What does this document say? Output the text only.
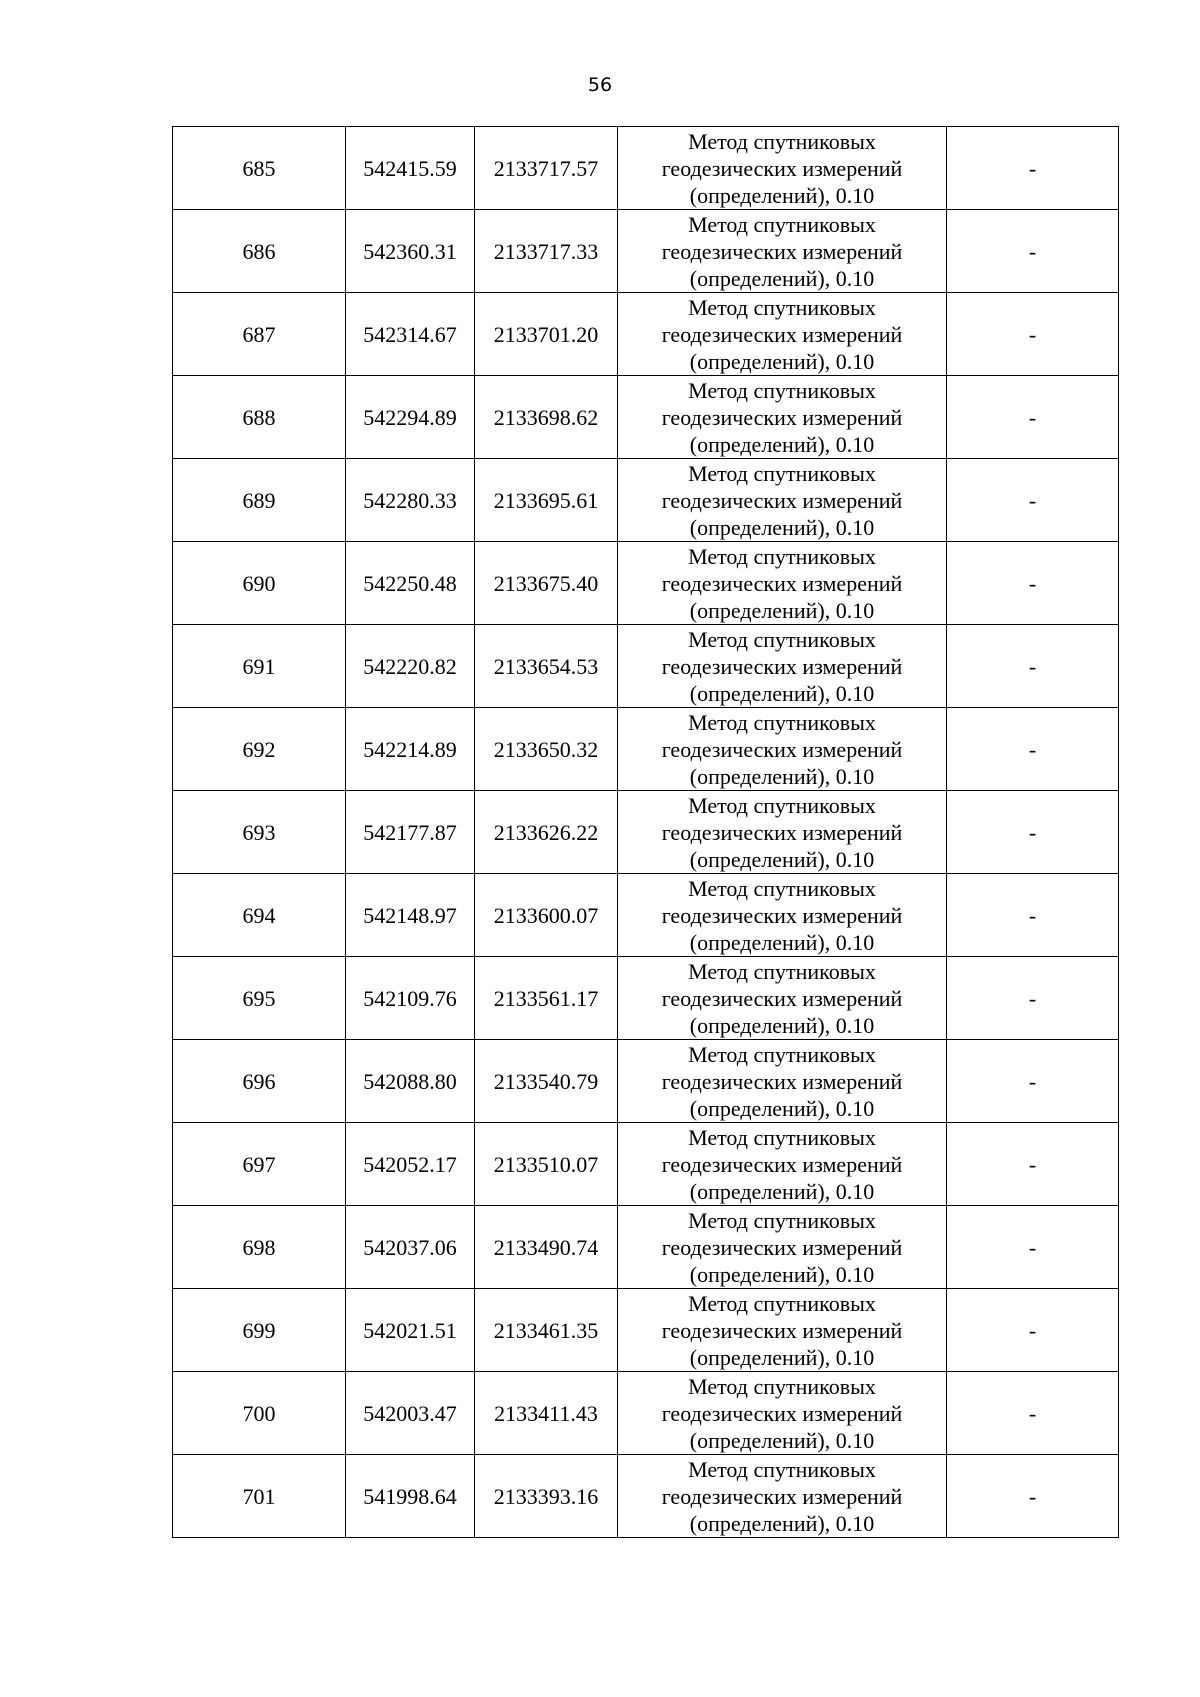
56
685	542415.59	2133717.57	Метод спутниковых
геодезических измерений
(определений), 0.10	-
686	542360.31	2133717.33	Метод спутниковых
геодезических измерений
(определений), 0.10	-
687	542314.67	2133701.20	Метод спутниковых
геодезических измерений
(определений), 0.10	-
688	542294.89	2133698.62	Метод спутниковых
геодезических измерений
(определений), 0.10	-
689	542280.33	2133695.61	Метод спутниковых
геодезических измерений
(определений), 0.10	-
690	542250.48	2133675.40	Метод спутниковых
геодезических измерений
(определений), 0.10	-
691	542220.82	2133654.53	Метод спутниковых
геодезических измерений
(определений), 0.10	-
692	542214.89	2133650.32	Метод спутниковых
геодезических измерений
(определений), 0.10	-
693	542177.87	2133626.22	Метод спутниковых
геодезических измерений
(определений), 0.10	-
694	542148.97	2133600.07	Метод спутниковых
геодезических измерений
(определений), 0.10	-
695	542109.76	2133561.17	Метод спутниковых
геодезических измерений
(определений), 0.10	-
696	542088.80	2133540.79	Метод спутниковых
геодезических измерений
(определений), 0.10	-
697	542052.17	2133510.07	Метод спутниковых
геодезических измерений
(определений), 0.10	-
698	542037.06	2133490.74	Метод спутниковых
геодезических измерений
(определений), 0.10	-
699	542021.51	2133461.35	Метод спутниковых
геодезических измерений
(определений), 0.10	-
700	542003.47	2133411.43	Метод спутниковых
геодезических измерений
(определений), 0.10	-
701	541998.64	2133393.16	Метод спутниковых
геодезических измерений
(определений), 0.10	-
